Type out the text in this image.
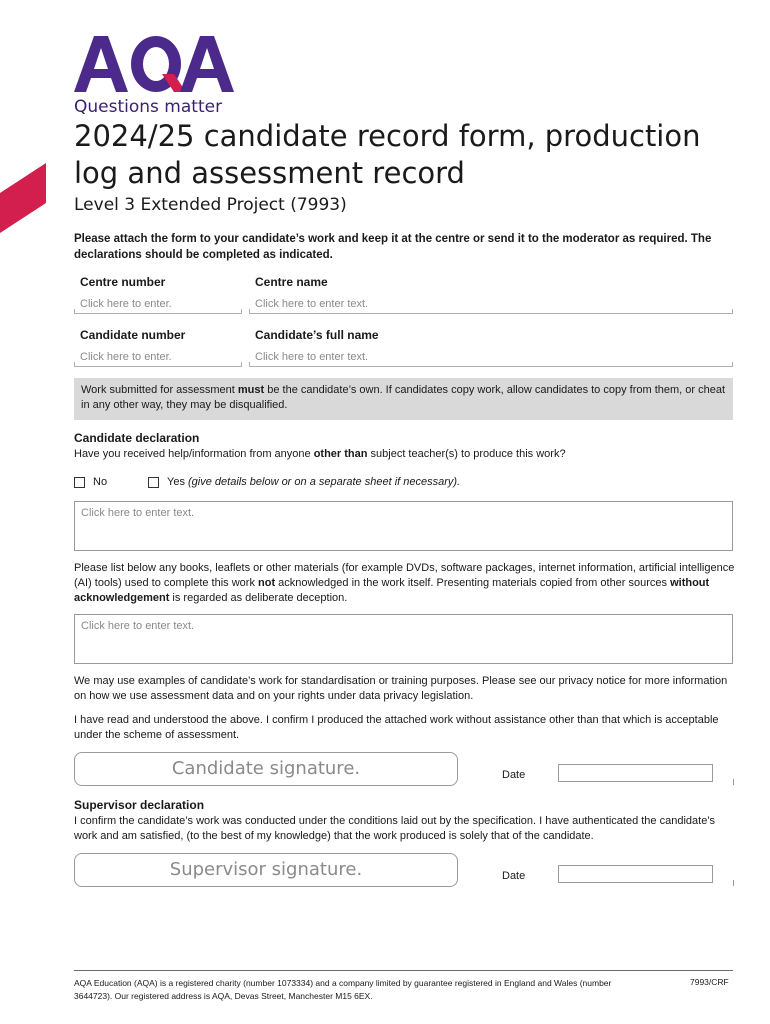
Questions matter
2024/25 candidate record form, production log and assessment record
Level 3 Extended Project (7993)
Please attach the form to your candidate’s work and keep it at the centre or send it to the moderator as required. The declarations should be completed as indicated.
Centre number
Click here to enter.
Centre name
Click here to enter text.
Candidate number
Click here to enter.
Candidate’s full name
Click here to enter text.
Work submitted for assessment must be the candidate’s own. If candidates copy work, allow candidates to copy from them, or cheat in any other way, they may be disqualified.
Candidate declaration
Have you received help/information from anyone other than subject teacher(s) to produce this work?
No	Yes (give details below or on a separate sheet if necessary).
Click here to enter text.
Please list below any books, leaflets or other materials (for example DVDs, software packages, internet information, artificial intelligence (AI) tools) used to complete this work not acknowledged in the work itself. Presenting materials copied from other sources without acknowledgement is regarded as deliberate deception.
Click here to enter text.
We may use examples of candidate’s work for standardisation or training purposes. Please see our privacy notice for more information on how we use assessment data and on your rights under data privacy legislation.
I have read and understood the above. I confirm I produced the attached work without assistance other than that which is acceptable under the scheme of assessment.
Candidate signature.	Date
Supervisor declaration
I confirm the candidate’s work was conducted under the conditions laid out by the specification. I have authenticated the candidate’s work and am satisfied, (to the best of my knowledge) that the work produced is solely that of the candidate.
Supervisor signature.	Date
AQA Education (AQA) is a registered charity (number 1073334) and a company limited by guarantee registered in England and Wales (number 3644723). Our registered address is AQA, Devas Street, Manchester M15 6EX.
7993/CRF
